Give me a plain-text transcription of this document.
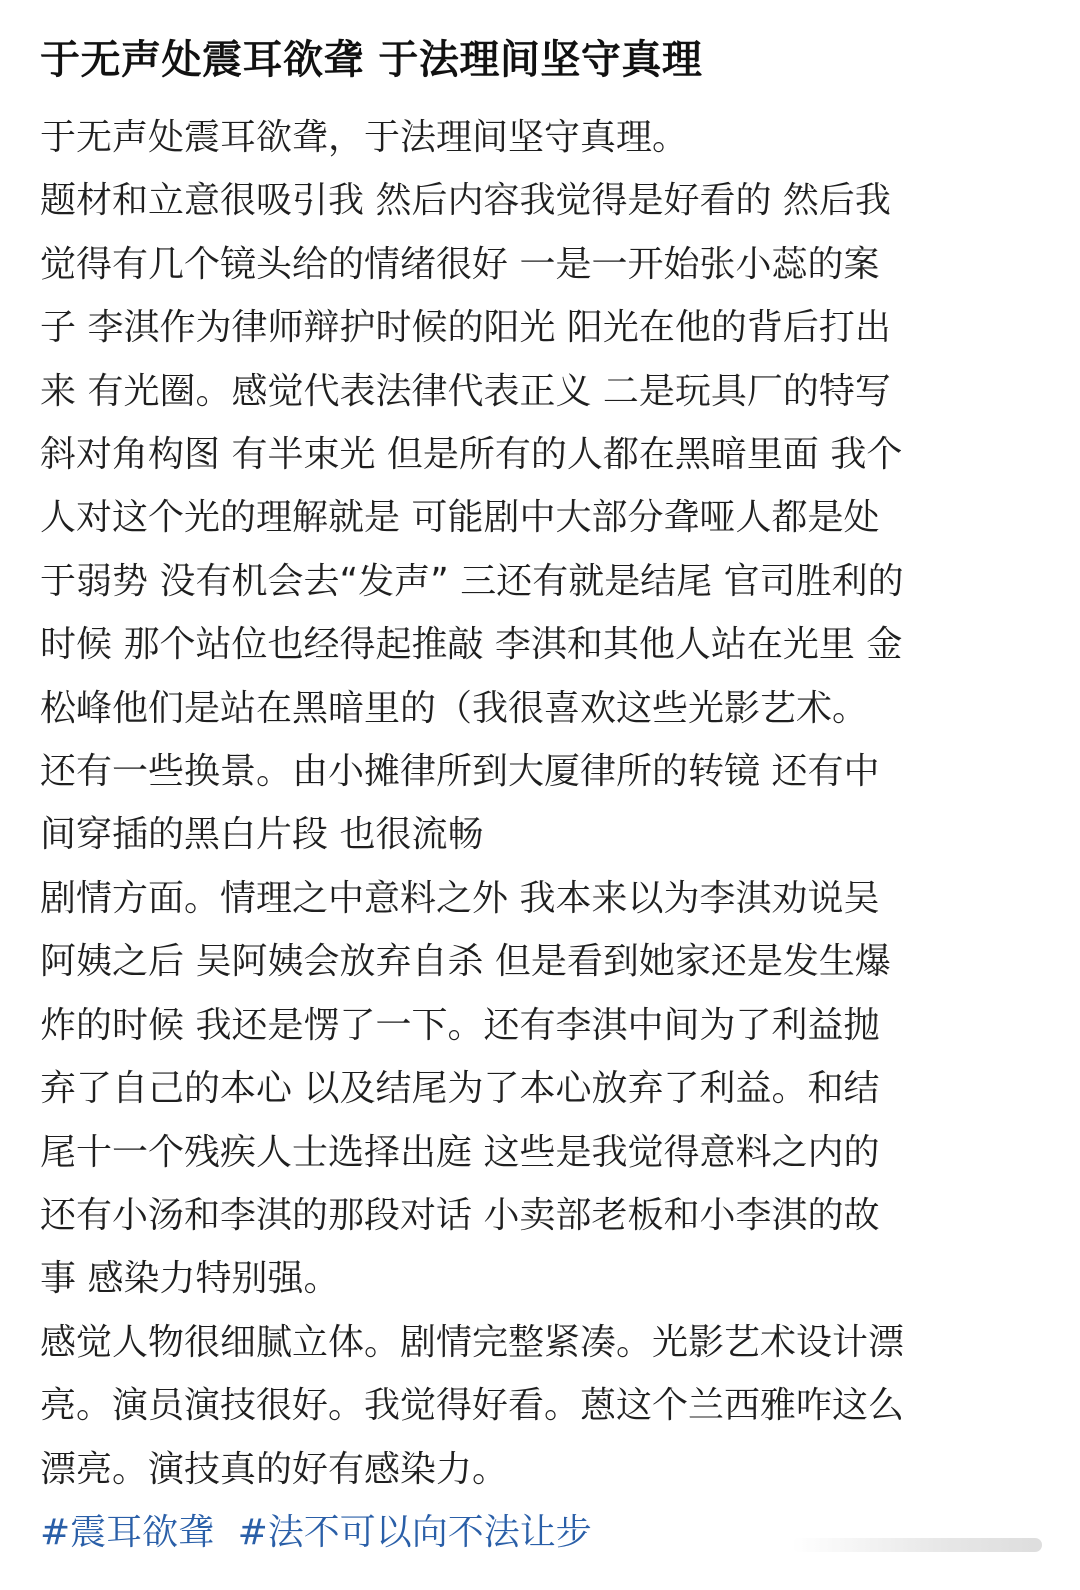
于无声处震耳欲聋 于法理间坚守真理
于无声处震耳欲聋，于法理间坚守真理。
题材和立意很吸引我 然后内容我觉得是好看的 然后我
觉得有几个镜头给的情绪很好 一是一开始张小蕊的案
子 李淇作为律师辩护时候的阳光 阳光在他的背后打出
来 有光圈。感觉代表法律代表正义 二是玩具厂的特写
斜对角构图 有半束光 但是所有的人都在黑暗里面 我个
人对这个光的理解就是 可能剧中大部分聋哑人都是处
于弱势 没有机会去“发声” 三还有就是结尾 官司胜利的
时候 那个站位也经得起推敲 李淇和其他人站在光里 金
松峰他们是站在黑暗里的（我很喜欢这些光影艺术。
还有一些换景。由小摊律所到大厦律所的转镜 还有中
间穿插的黑白片段 也很流畅
剧情方面。情理之中意料之外 我本来以为李淇劝说吴
阿姨之后 吴阿姨会放弃自杀 但是看到她家还是发生爆
炸的时候 我还是愣了一下。还有李淇中间为了利益抛
弃了自己的本心 以及结尾为了本心放弃了利益。和结
尾十一个残疾人士选择出庭 这些是我觉得意料之内的
还有小汤和李淇的那段对话 小卖部老板和小李淇的故
事 感染力特别强。
感觉人物很细腻立体。剧情完整紧凑。光影艺术设计漂
亮。演员演技很好。我觉得好看。蒽这个兰西雅咋这么
漂亮。演技真的好有感染力。
#震耳欲聋 #法不可以向不法让步
